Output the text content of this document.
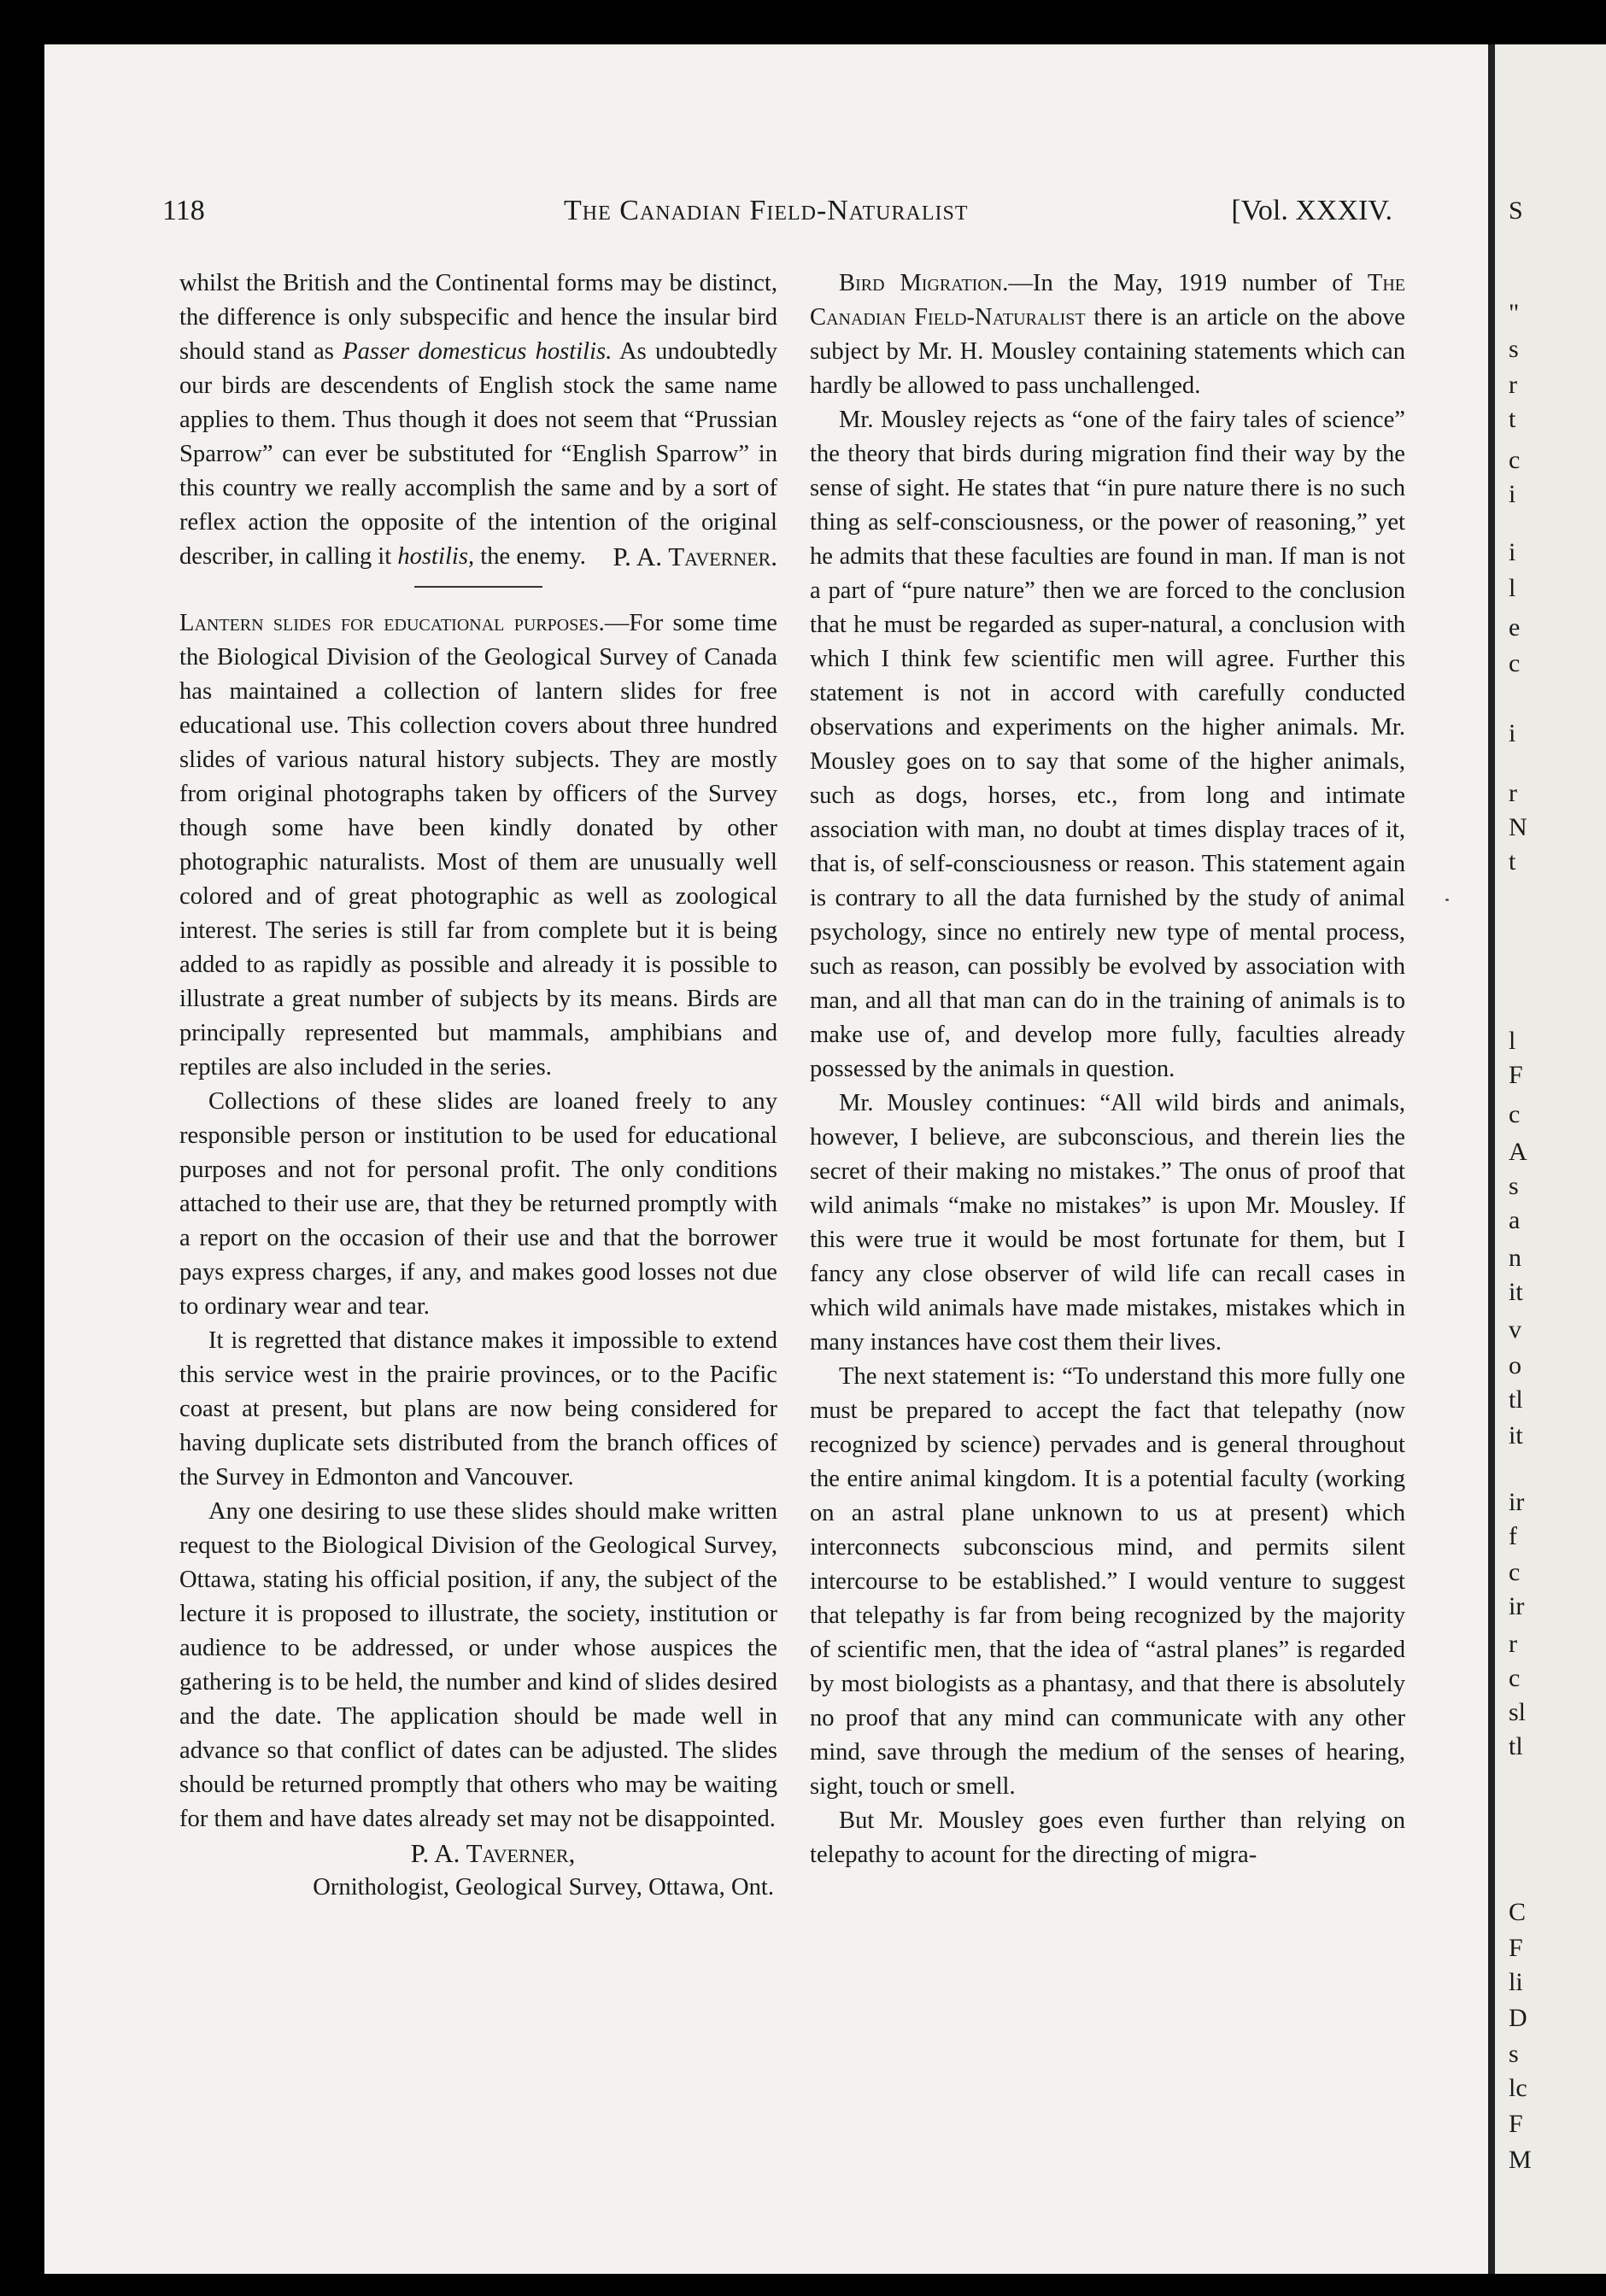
S
"
s
r
t
c
i
i
l
e
c
i
r
N
t
l
F
c
A
s
a
n
it
v
o
tl
it
ir
f
c
ir
r
c
sl
tl
C
F
li
D
s
lc
F
M
118	The Canadian Field-Naturalist	[Vol. XXXIV.

whilst the British and the Continental forms may be distinct, the difference is only subspecific and hence the insular bird should stand as Passer domesticus hostilis. As undoubtedly our birds are descendents of English stock the same name applies to them. Thus though it does not seem that “Prussian Sparrow” can ever be substituted for “English Sparrow” in this country we really accomplish the same and by a sort of reflex action the opposite of the intention of the original describer, in calling it hostilis, the enemy.	P. A. Taverner.

Lantern slides for educational purposes.—For some time the Biological Division of the Geological Survey of Canada has maintained a collection of lantern slides for free educational use. This collection covers about three hundred slides of various natural history subjects. They are mostly from original photographs taken by officers of the Survey though some have been kindly donated by other photographic naturalists. Most of them are unusually well colored and of great photographic as well as zoological interest. The series is still far from complete but it is being added to as rapidly as possible and already it is possible to illustrate a great number of subjects by its means. Birds are principally represented but mammals, amphibians and reptiles are also included in the series.

Collections of these slides are loaned freely to any responsible person or institution to be used for educational purposes and not for personal profit. The only conditions attached to their use are, that they be returned promptly with a report on the occasion of their use and that the borrower pays express charges, if any, and makes good losses not due to ordinary wear and tear.

It is regretted that distance makes it impossible to extend this service west in the prairie provinces, or to the Pacific coast at present, but plans are now being considered for having duplicate sets distributed from the branch offices of the Survey in Edmonton and Vancouver.

Any one desiring to use these slides should make written request to the Biological Division of the Geological Survey, Ottawa, stating his official position, if any, the subject of the lecture it is proposed to illustrate, the society, institution or audience to be addressed, or under whose auspices the gathering is to be held, the number and kind of slides desired and the date. The application should be made well in advance so that conflict of dates can be adjusted. The slides should be returned promptly that others who may be waiting for them and have dates already set may not be disappointed.

P. A. Taverner,

Ornithologist, Geological Survey, Ottawa, Ont.

Bird Migration.—In the May, 1919 number of The Canadian Field-Naturalist there is an article on the above subject by Mr. H. Mousley containing statements which can hardly be allowed to pass unchallenged.

Mr. Mousley rejects as “one of the fairy tales of science” the theory that birds during migration find their way by the sense of sight. He states that “in pure nature there is no such thing as self-consciousness, or the power of reasoning,” yet he admits that these faculties are found in man. If man is not a part of “pure nature” then we are forced to the conclusion that he must be regarded as super-natural, a conclusion with which I think few scientific men will agree. Further this statement is not in accord with carefully conducted observations and experiments on the higher animals. Mr. Mousley goes on to say that some of the higher animals, such as dogs, horses, etc., from long and intimate association with man, no doubt at times display traces of it, that is, of self-consciousness or reason. This statement again is contrary to all the data furnished by the study of animal psychology, since no entirely new type of mental process, such as reason, can possibly be evolved by association with man, and all that man can do in the training of animals is to make use of, and develop more fully, faculties already possessed by the animals in question.

Mr. Mousley continues: “All wild birds and animals, however, I believe, are subconscious, and therein lies the secret of their making no mistakes.” The onus of proof that wild animals “make no mistakes” is upon Mr. Mousley. If this were true it would be most fortunate for them, but I fancy any close observer of wild life can recall cases in which wild animals have made mistakes, mistakes which in many instances have cost them their lives.

The next statement is: “To understand this more fully one must be prepared to accept the fact that telepathy (now recognized by science) pervades and is general throughout the entire animal kingdom. It is a potential faculty (working on an astral plane unknown to us at present) which interconnects subconscious mind, and permits silent intercourse to be established.” I would venture to suggest that telepathy is far from being recognized by the majority of scientific men, that the idea of “astral planes” is regarded by most biologists as a phantasy, and that there is absolutely no proof that any mind can communicate with any other mind, save through the medium of the senses of hearing, sight, touch or smell.

But Mr. Mousley goes even further than relying on telepathy to acount for the directing of migra-
